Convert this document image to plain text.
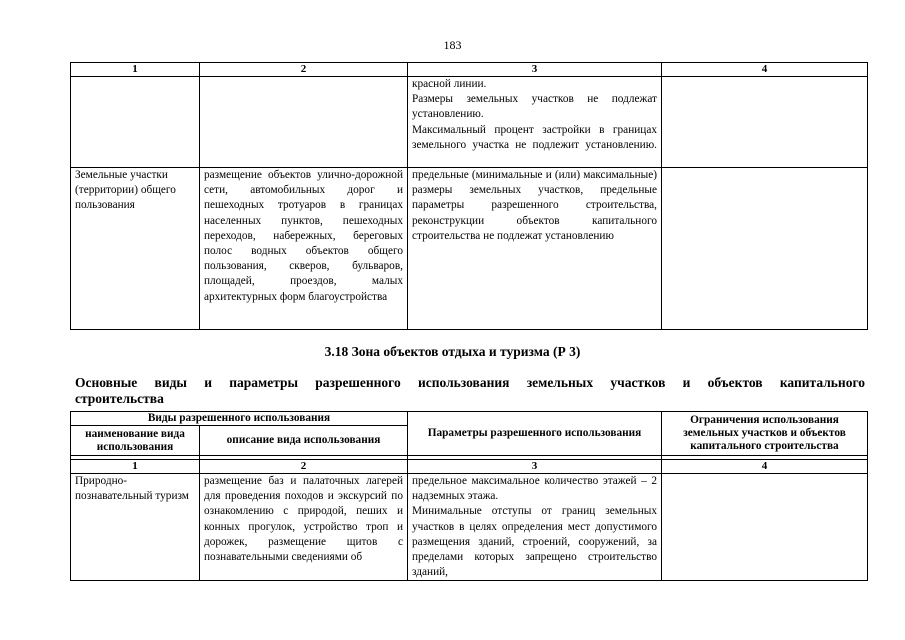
183
1	2	3	4

		красной линии.

Размеры земельных участков не подлежат установлению.

Максимальный процент застройки в границах земельного участка не подлежит установлению.	

Земельные участки (территории) общего пользования	размещение объектов улично-дорожной сети, автомобильных дорог и пешеходных тротуаров в границах населенных пунктов, пешеходных переходов, набережных, береговых полос водных объектов общего пользования, скверов, бульваров, площадей, проездов, малых архитектурных форм благоустройства	предельные (минимальные и (или) максимальные) размеры земельных участков, предельные параметры разрешенного строительства, реконструкции объектов капитального строительства не подлежат установлению	
3.18 Зона объектов отдыха и туризма (Р 3)
Основные виды и параметры разрешенного использования земельных участков и объектов капитального
строительства
Виды разрешенного использования		Параметры разрешенного использования	Ограничения использования земельных участков и объектов капитального строительства
наименование вида использования	описание вида использования		

1	2	3	4
Природно-познавательный туризм	размещение баз и палаточных лагерей для проведения походов и экскурсий по ознакомлению с природой, пеших и конных прогулок, устройство троп и дорожек, размещение щитов с познавательными сведениями об	предельное максимальное количество этажей – 2 надземных этажа.

Минимальные отступы от границ земельных участков в целях определения мест допустимого размещения зданий, строений, сооружений, за пределами которых запрещено строительство зданий,	
